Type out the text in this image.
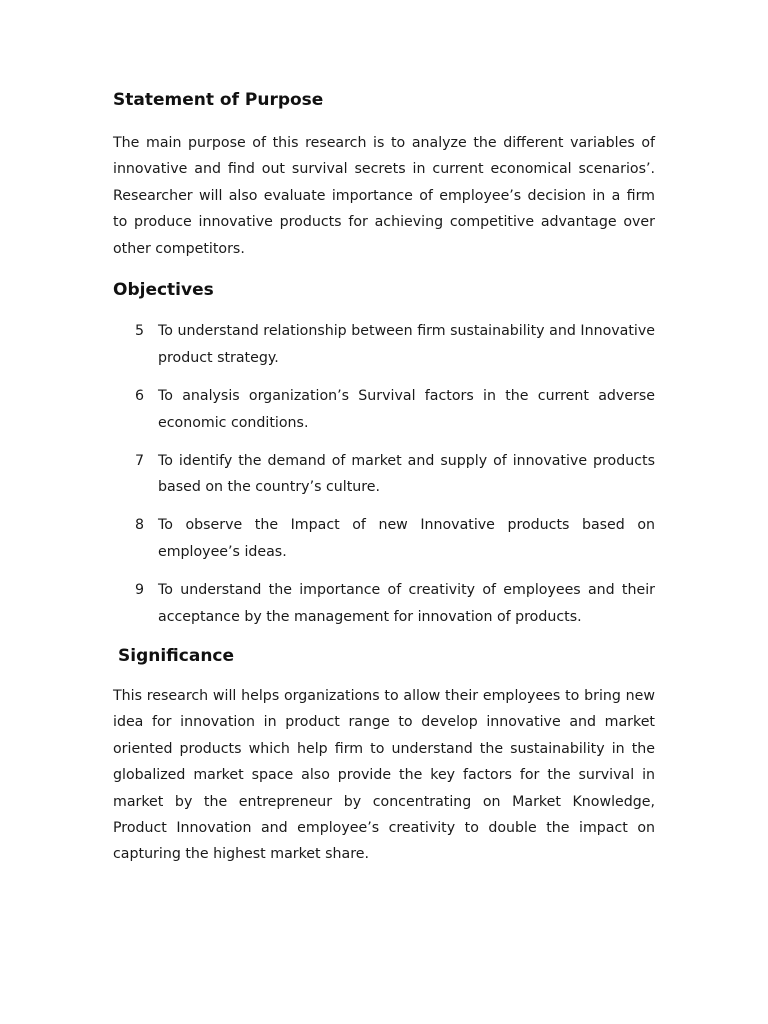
Statement of Purpose

The main purpose of this research is to analyze the different variables of innovative and find out survival secrets in current economical scenarios’. Researcher will also evaluate importance of employee’s decision in a firm to produce innovative products for achieving competitive advantage over other competitors.

Objectives
5 To understand relationship between firm sustainability and Innovative product strategy.
6 To analysis organization’s Survival factors in the current adverse economic conditions.
7 To identify the demand of market and supply of innovative products based on the country’s culture.
8 To observe the Impact of new Innovative products based on employee’s ideas.
9 To understand the importance of creativity of employees and their acceptance by the management for innovation of products.
Significance

This research will helps organizations to allow their employees to bring new idea for innovation in product range to develop innovative and market oriented products which help firm to understand the sustainability in the globalized market space also provide the key factors for the survival in market by the entrepreneur by concentrating on Market Knowledge, Product Innovation and employee’s creativity to double the impact on capturing the highest market share.
